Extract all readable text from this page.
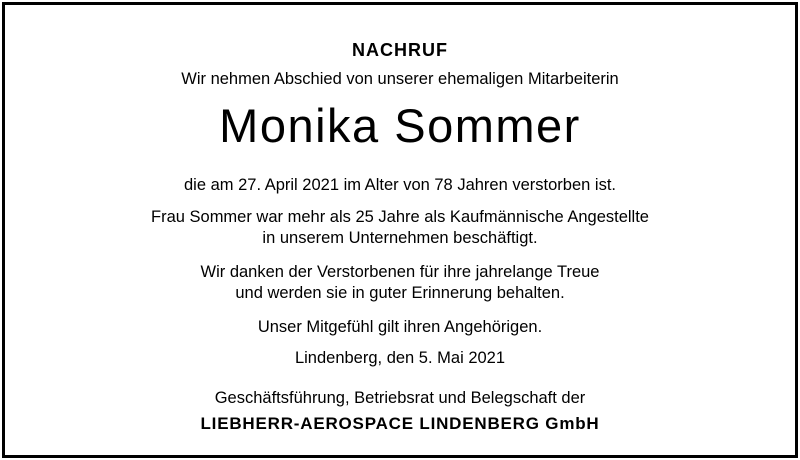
NACHRUF
Wir nehmen Abschied von unserer ehemaligen Mitarbeiterin
Monika Sommer
die am 27. April 2021 im Alter von 78 Jahren verstorben ist.
Frau Sommer war mehr als 25 Jahre als Kaufmännische Angestellte
in unserem Unternehmen beschäftigt.
Wir danken der Verstorbenen für ihre jahrelange Treue
und werden sie in guter Erinnerung behalten.
Unser Mitgefühl gilt ihren Angehörigen.
Lindenberg, den 5. Mai 2021
Geschäftsführung, Betriebsrat und Belegschaft der
LIEBHERR-AEROSPACE LINDENBERG GmbH
